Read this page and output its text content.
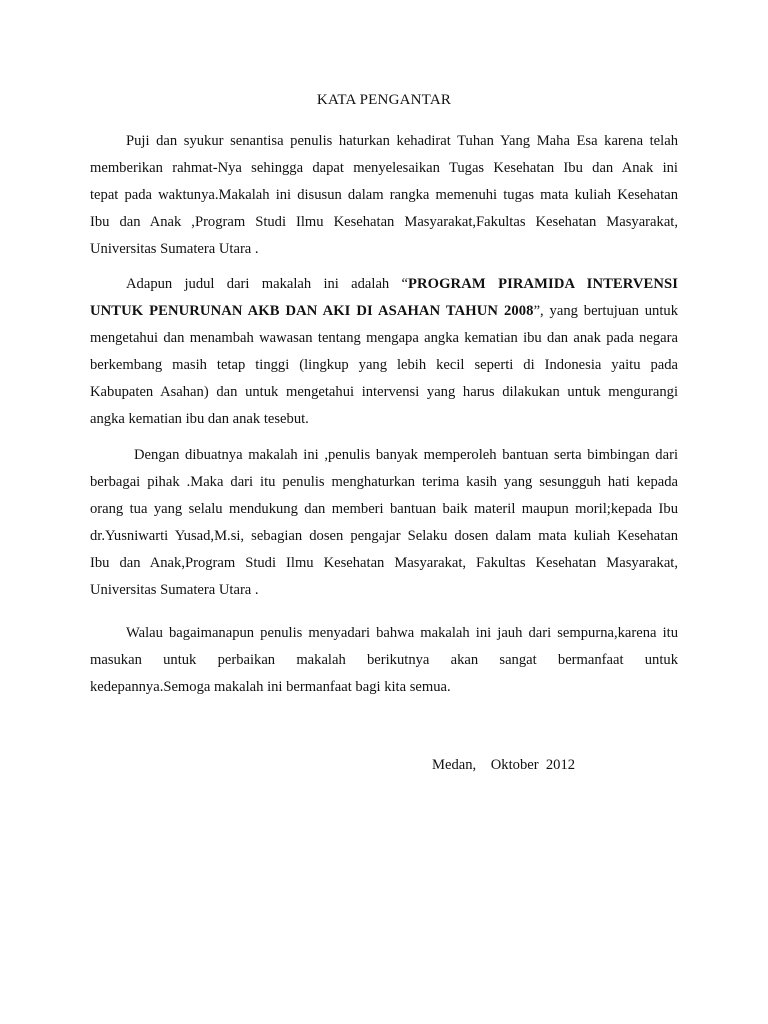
KATA PENGANTAR
Puji dan syukur senantisa penulis haturkan kehadirat Tuhan Yang Maha Esa karena telah
memberikan rahmat-Nya sehingga dapat menyelesaikan Tugas Kesehatan Ibu dan Anak ini
tepat pada waktunya.Makalah ini disusun dalam rangka memenuhi tugas mata kuliah Kesehatan
Ibu dan Anak ,Program Studi Ilmu Kesehatan Masyarakat,Fakultas Kesehatan Masyarakat,
Universitas Sumatera Utara .
Adapun judul dari makalah ini adalah “PROGRAM PIRAMIDA INTERVENSI
UNTUK PENURUNAN AKB DAN AKI DI ASAHAN TAHUN 2008”, yang bertujuan untuk
mengetahui dan menambah wawasan tentang mengapa angka kematian ibu dan anak pada negara
berkembang masih tetap tinggi (lingkup yang lebih kecil seperti di Indonesia yaitu pada
Kabupaten Asahan) dan untuk mengetahui intervensi yang harus dilakukan untuk mengurangi
angka kematian ibu dan anak tesebut.
Dengan dibuatnya makalah ini ,penulis banyak memperoleh bantuan serta bimbingan dari
berbagai pihak .Maka dari itu penulis menghaturkan terima kasih yang sesungguh hati kepada
orang tua yang selalu mendukung dan memberi bantuan baik materil maupun moril;kepada Ibu
dr.Yusniwarti Yusad,M.si, sebagian dosen pengajar Selaku dosen dalam mata kuliah Kesehatan
Ibu dan Anak,Program Studi Ilmu Kesehatan Masyarakat, Fakultas Kesehatan Masyarakat,
Universitas Sumatera Utara .
Walau bagaimanapun penulis menyadari bahwa makalah ini jauh dari sempurna,karena itu
masukan untuk perbaikan makalah berikutnya akan sangat bermanfaat untuk
kedepannya.Semoga makalah ini bermanfaat bagi kita semua.
Medan,    Oktober  2012
